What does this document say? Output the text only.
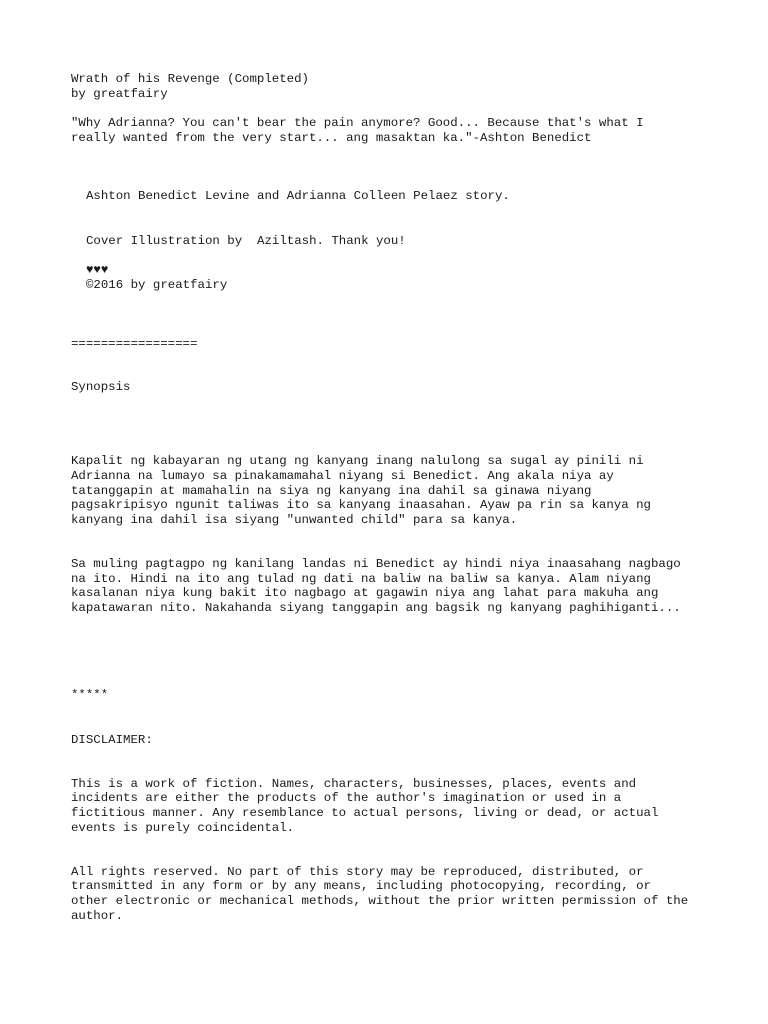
Wrath of his Revenge (Completed)
by greatfairy
"Why Adrianna? You can't bear the pain anymore? Good... Because that's what I
really wanted from the very start... ang masaktan ka."-Ashton Benedict
Ashton Benedict Levine and Adrianna Colleen Pelaez story.
Cover Illustration by  Aziltash. Thank you!
♥♥♥
©2016 by greatfairy
=================
Synopsis
Kapalit ng kabayaran ng utang ng kanyang inang nalulong sa sugal ay pinili ni
Adrianna na lumayo sa pinakamamahal niyang si Benedict. Ang akala niya ay
tatanggapin at mamahalin na siya ng kanyang ina dahil sa ginawa niyang
pagsakripisyo ngunit taliwas ito sa kanyang inaasahan. Ayaw pa rin sa kanya ng
kanyang ina dahil isa siyang "unwanted child" para sa kanya.
Sa muling pagtagpo ng kanilang landas ni Benedict ay hindi niya inaasahang nagbago
na ito. Hindi na ito ang tulad ng dati na baliw na baliw sa kanya. Alam niyang
kasalanan niya kung bakit ito nagbago at gagawin niya ang lahat para makuha ang
kapatawaran nito. Nakahanda siyang tanggapin ang bagsik ng kanyang paghihiganti...
*****
DISCLAIMER:
This is a work of fiction. Names, characters, businesses, places, events and
incidents are either the products of the author's imagination or used in a
fictitious manner. Any resemblance to actual persons, living or dead, or actual
events is purely coincidental.
All rights reserved. No part of this story may be reproduced, distributed, or
transmitted in any form or by any means, including photocopying, recording, or
other electronic or mechanical methods, without the prior written permission of the
author.
